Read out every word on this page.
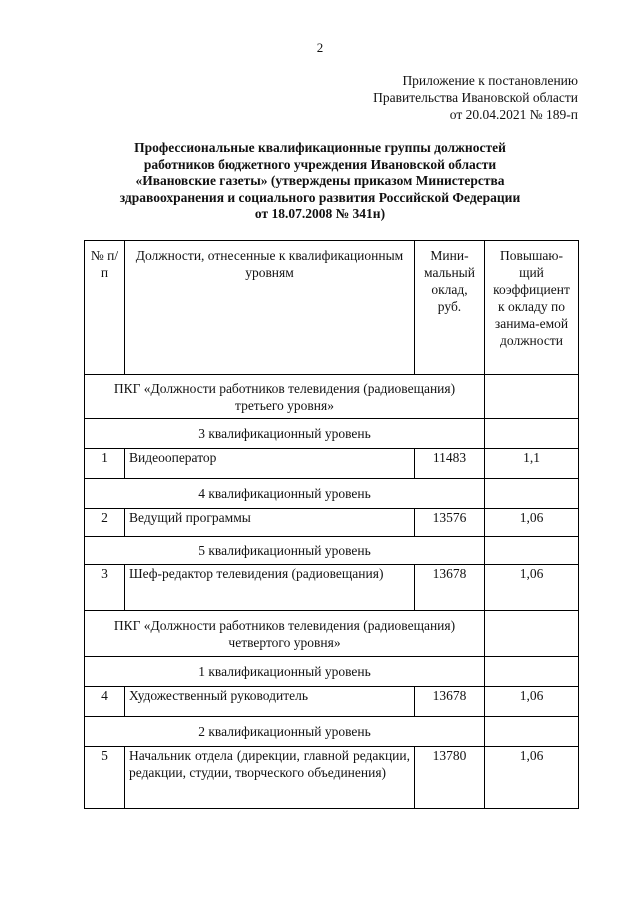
2
Приложение к постановлению
Правительства Ивановской области
от 20.04.2021 № 189-п
Профессиональные квалификационные группы должностей
работников бюджетного учреждения Ивановской области
«Ивановские газеты» (утверждены приказом Министерства
здравоохранения и социального развития Российской Федерации
от 18.07.2008 № 341н)
№ п/п	Должности, отнесенные к квалификационным уровням	Мини-мальный оклад, руб.	Повышаю-щий коэффициент к окладу по занима-емой должности
ПКГ «Должности работников телевидения (радиовещания) третьего уровня»			
3 квалификационный уровень			
1	Видеооператор	11483	1,1
4 квалификационный уровень			
2	Ведущий программы	13576	1,06
5 квалификационный уровень			
3	Шеф-редактор телевидения (радиовещания)	13678	1,06
ПКГ «Должности работников телевидения (радиовещания) четвертого уровня»			
1 квалификационный уровень			
4	Художественный руководитель	13678	1,06
2 квалификационный уровень			
5	Начальник отдела (дирекции, главной редакции, редакции, студии, творческого объединения)	13780	1,06
